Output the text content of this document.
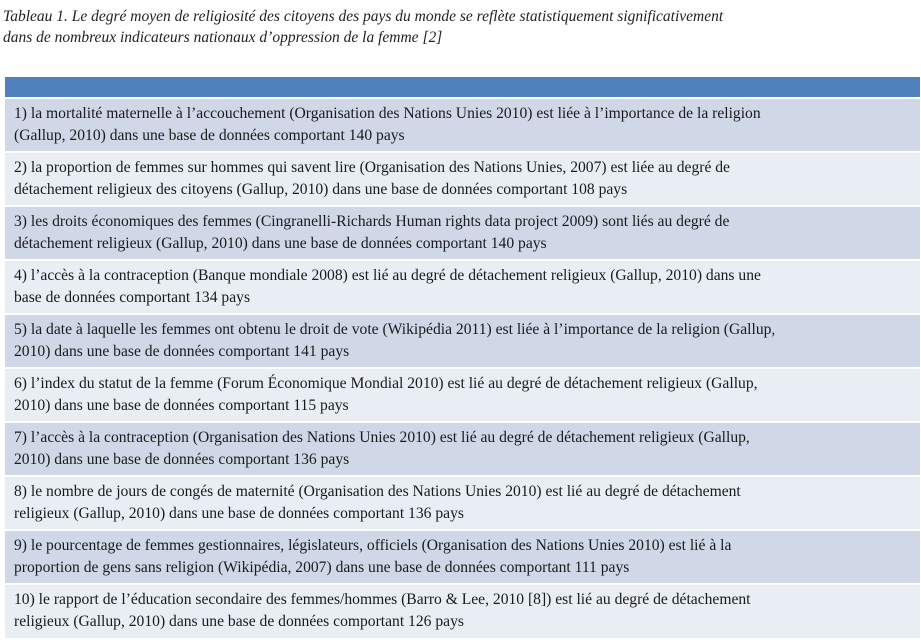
Tableau 1. Le degré moyen de religiosité des citoyens des pays du monde se reflète statistiquement significativement
dans de nombreux indicateurs nationaux d’oppression de la femme [2]
1) la mortalité maternelle à l’accouchement (Organisation des Nations Unies 2010) est liée à l’importance de la religion
(Gallup, 2010) dans une base de données comportant 140 pays
2) la proportion de femmes sur hommes qui savent lire (Organisation des Nations Unies, 2007) est liée au degré de
détachement religieux des citoyens (Gallup, 2010) dans une base de données comportant 108 pays
3) les droits économiques des femmes (Cingranelli-Richards Human rights data project 2009) sont liés au degré de
détachement religieux (Gallup, 2010) dans une base de données comportant 140 pays
4) l’accès à la contraception (Banque mondiale 2008) est lié au degré de détachement religieux (Gallup, 2010) dans une
base de données comportant 134 pays
5) la date à laquelle les femmes ont obtenu le droit de vote (Wikipédia 2011) est liée à l’importance de la religion (Gallup,
2010) dans une base de données comportant 141 pays
6) l’index du statut de la femme (Forum Économique Mondial 2010) est lié au degré de détachement religieux (Gallup,
2010) dans une base de données comportant 115 pays
7) l’accès à la contraception (Organisation des Nations Unies 2010) est lié au degré de détachement religieux (Gallup,
2010) dans une base de données comportant 136 pays
8) le nombre de jours de congés de maternité (Organisation des Nations Unies 2010) est lié au degré de détachement
religieux (Gallup, 2010) dans une base de données comportant 136 pays
9) le pourcentage de femmes gestionnaires, législateurs, officiels (Organisation des Nations Unies 2010) est lié à la
proportion de gens sans religion (Wikipédia, 2007) dans une base de données comportant 111 pays
10) le rapport de l’éducation secondaire des femmes/hommes (Barro & Lee, 2010 [8]) est lié au degré de détachement
religieux (Gallup, 2010) dans une base de données comportant 126 pays
